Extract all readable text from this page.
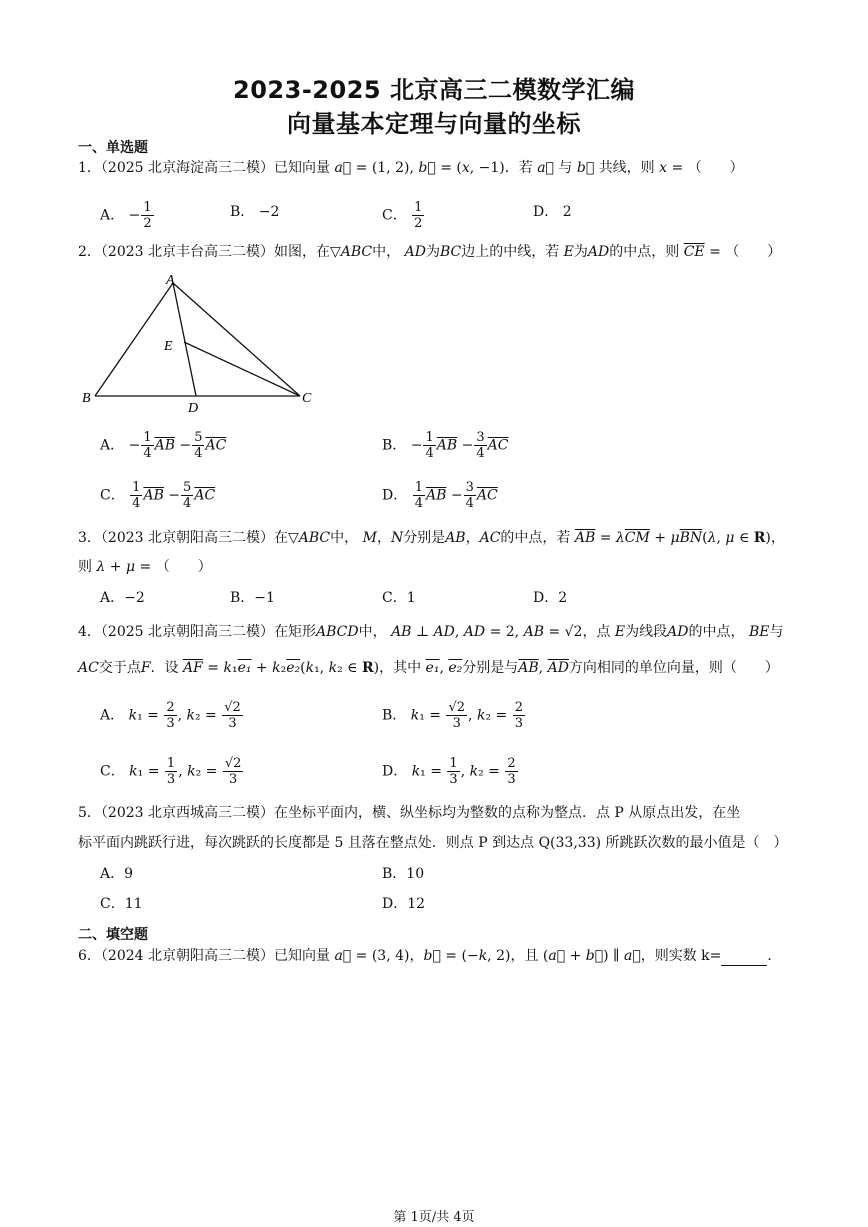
2023-2025 北京高三二模数学汇编
向量基本定理与向量的坐标
一、单选题
1．（2025 北京海淀高三二模）已知向量 a⃗ = (1, 2), b⃗ = (x, −1)．若 a⃗ 与 b⃗ 共线，则 x = （　　）
A． − $\frac{1}{2}$	B． −2	C． $\frac{1}{2}$	D． 2
2．（2023 北京丰台高三二模）如图，在▽ABC中， AD为BC边上的中线，若 E为AD的中点，则 $\overline{CE}$ = （　　）
A
B	C
D
E
A． − $\frac{1}{4} \overline{AB} - \frac{5}{4} \overline{AC}$	B． − $\frac{1}{4} \overline{AB} - \frac{3}{4} \overline{AC}$
C． $\frac{1}{4} \overline{AB} - \frac{5}{4} \overline{AC}$	D． $\frac{1}{4} \overline{AB} - \frac{3}{4} \overline{AC}$
3．（2023 北京朝阳高三二模）在▽ABC中， M，N分别是AB，AC的中点，若 $\overline{AB} = \lambda\overline{CM} + \mu\overline{BN}(\lambda$, μ ∈ R)，
则 λ + μ = （　　）
A．−2	B．−1	C．1	D．2
4．（2025 北京朝阳高三二模）在矩形ABCD中， AB ⊥ AD, AD = 2, AB = √2，点 E为线段AD的中点， BE与
AC交于点F．设 $\overline{AF} = k_1e_1 + k_2e_2(k_1$, k₂ ∈ R)，其中 e₁, e₂分别是与$\overline{AB}$, $\overline{AD}$方向相同的单位向量，则（　　）
A． $k_1 = \frac{2}{3}$ , $k_2 = \frac{√2}{3}$	B． $k_1 = \frac{√2}{3}$ , $k_2 = \frac{2}{3}$
C． $k_1 = \frac{1}{3}$ , $k_2 = \frac{√2}{3}$	D． $k_1 = \frac{1}{3}$ , $k_2 = \frac{2}{3}$
5．（2023 北京西城高三二模）在坐标平面内，横、纵坐标均为整数的点称为整点．点 P 从原点出发，在坐
标平面内跳跃行进，每次跳跃的长度都是 5 且落在整点处．则点 P 到达点 Q(33,33) 所跳跃次数的最小值是（　）
A．9	B．10
C．11	D．12
二、填空题
6．（2024 北京朝阳高三二模）已知向量 a⃗ = (3, 4)，b⃗ = (−k, 2)，且 (a⃗ + b⃗) ∥ a⃗，则实数 k=	．
第 1页/共 4页
